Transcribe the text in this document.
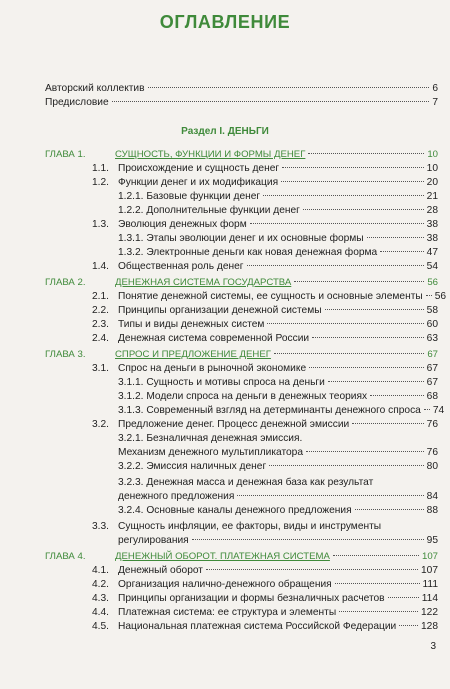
ОГЛАВЛЕНИЕ
Авторский коллектив	6
Предисловие	7
Раздел I. ДЕНЬГИ
ГЛАВА 1.	СУЩНОСТЬ, ФУНКЦИИ И ФОРМЫ ДЕНЕГ	10
1.1. Происхождение и сущность денег	10
1.2. Функции денег и их модификация	20
1.2.1. Базовые функции денег	21
1.2.2. Дополнительные функции денег	28
1.3. Эволюция денежных форм	38
1.3.1. Этапы эволюции денег и их основные формы	38
1.3.2. Электронные деньги как новая денежная форма	47
1.4. Общественная роль денег	54
ГЛАВА 2.	ДЕНЕЖНАЯ СИСТЕМА ГОСУДАРСТВА	56
2.1. Понятие денежной системы, ее сущность и основные элементы 56
2.2. Принципы организации денежной системы	58
2.3. Типы и виды денежных систем	60
2.4. Денежная система современной России	63
ГЛАВА 3.	СПРОС И ПРЕДЛОЖЕНИЕ ДЕНЕГ	67
3.1. Спрос на деньги в рыночной экономике	67
3.1.1. Сущность и мотивы спроса на деньги	67
3.1.2. Модели спроса на деньги в денежных теориях	68
3.1.3. Современный взгляд на детерминанты денежного спроса 74
3.2. Предложение денег. Процесс денежной эмиссии	76
3.2.1. Безналичная денежная эмиссия.
Механизм денежного мультипликатора	76
3.2.2. Эмиссия наличных денег	80
3.2.3. Денежная масса и денежная база как результат
денежного предложения	84
3.2.4. Основные каналы денежного предложения	88
3.3. Сущность инфляции, ее факторы, виды и инструменты
регулирования	95
ГЛАВА 4.	ДЕНЕЖНЫЙ ОБОРОТ. ПЛАТЕЖНАЯ СИСТЕМА	107
4.1. Денежный оборот	107
4.2. Организация налично-денежного обращения	111
4.3. Принципы организации и формы безналичных расчетов	114
4.4. Платежная система: ее структура и элементы	122
4.5. Национальная платежная система Российской Федерации 128
3
